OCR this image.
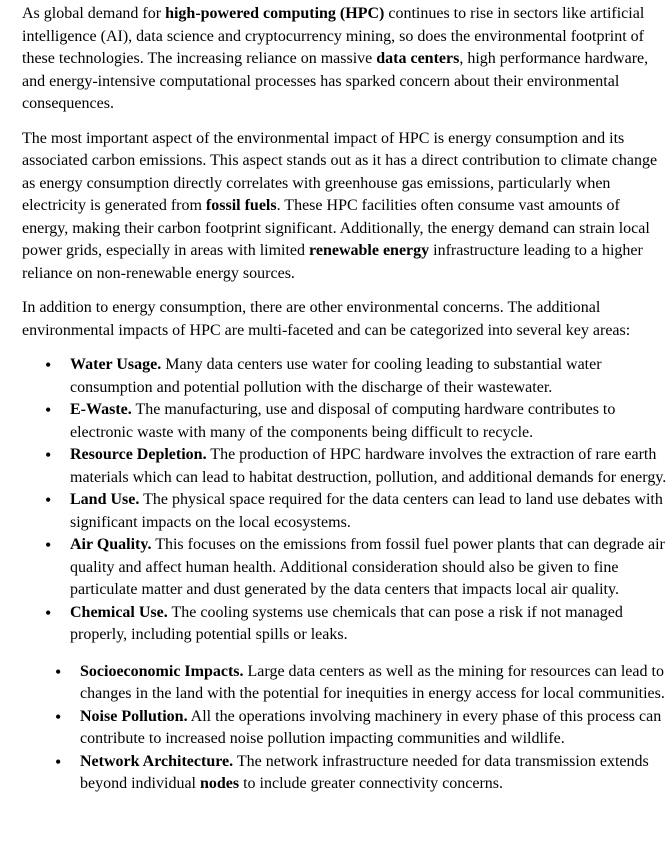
As global demand for high-powered computing (HPC) continues to rise in sectors like artificial intelligence (AI), data science and cryptocurrency mining, so does the environmental footprint of these technologies. The increasing reliance on massive data centers, high performance hardware, and energy-intensive computational processes has sparked concern about their environmental consequences.

The most important aspect of the environmental impact of HPC is energy consumption and its associated carbon emissions. This aspect stands out as it has a direct contribution to climate change as energy consumption directly correlates with greenhouse gas emissions, particularly when electricity is generated from fossil fuels. These HPC facilities often consume vast amounts of energy, making their carbon footprint significant. Additionally, the energy demand can strain local power grids, especially in areas with limited renewable energy infrastructure leading to a higher reliance on non-renewable energy sources.

In addition to energy consumption, there are other environmental concerns. The additional environmental impacts of HPC are multi-faceted and can be categorized into several key areas:

• Water Usage. Many data centers use water for cooling leading to substantial water consumption and potential pollution with the discharge of their wastewater.
• E-Waste. The manufacturing, use and disposal of computing hardware contributes to electronic waste with many of the components being difficult to recycle.
• Resource Depletion. The production of HPC hardware involves the extraction of rare earth materials which can lead to habitat destruction, pollution, and additional demands for energy.
• Land Use. The physical space required for the data centers can lead to land use debates with significant impacts on the local ecosystems.
• Air Quality. This focuses on the emissions from fossil fuel power plants that can degrade air quality and affect human health. Additional consideration should also be given to fine particulate matter and dust generated by the data centers that impacts local air quality.
• Chemical Use. The cooling systems use chemicals that can pose a risk if not managed properly, including potential spills or leaks.
• Socioeconomic Impacts. Large data centers as well as the mining for resources can lead to changes in the land with the potential for inequities in energy access for local communities.
• Noise Pollution. All the operations involving machinery in every phase of this process can contribute to increased noise pollution impacting communities and wildlife.
• Network Architecture. The network infrastructure needed for data transmission extends beyond individual nodes to include greater connectivity concerns.
